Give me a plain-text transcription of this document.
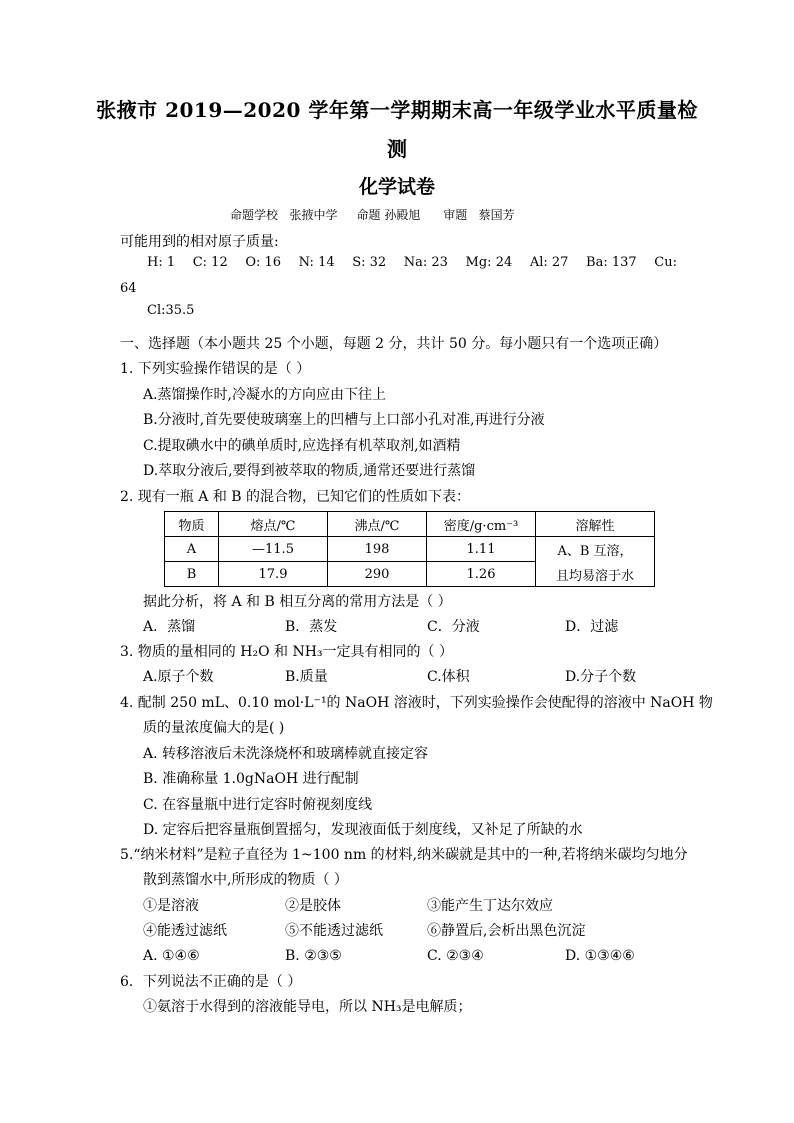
张掖市 2019—2020 学年第一学期期末高一年级学业水平质量检
测
化学试卷
命题学校   张掖中学     命题 孙殿旭      审题   蔡国芳
可能用到的相对原子质量:
H: 1 C: 12 O: 16 N: 14 S: 32 Na: 23 Mg: 24 Al: 27 Ba: 137 Cu:
64
Cl:35.5
一、选择题（本小题共 25 个小题，每题 2 分，共计 50 分。每小题只有一个选项正确）
1. 下列实验操作错误的是（ ）
A.蒸馏操作时,冷凝水的方向应由下往上
B.分液时,首先要使玻璃塞上的凹槽与上口部小孔对准,再进行分液
C.提取碘水中的碘单质时,应选择有机萃取剂,如酒精
D.萃取分液后,要得到被萃取的物质,通常还要进行蒸馏
2. 现有一瓶 A 和 B 的混合物，已知它们的性质如下表：
物质	熔点/℃	沸点/℃	密度/g·cm⁻³	溶解性
A	—11.5	198	1.11	A、B 互溶，
且均易溶于水

B	17.9	290	1.26	
据此分析，将 A 和 B 相互分离的常用方法是（ ）
A．蒸馏	B．蒸发	C．分液	D．过滤
3. 物质的量相同的 H₂O 和 NH₃一定具有相同的（ ）
A.原子个数	B.质量	C.体积	D.分子个数
4. 配制 250 mL、0.10 mol·L⁻¹的 NaOH 溶液时，下列实验操作会使配得的溶液中 NaOH 物
质的量浓度偏大的是( )
A. 转移溶液后未洗涤烧杯和玻璃棒就直接定容
B. 准确称量 1.0gNaOH 进行配制
C. 在容量瓶中进行定容时俯视刻度线
D. 定容后把容量瓶倒置摇匀，发现液面低于刻度线，又补足了所缺的水
5.“纳米材料”是粒子直径为 1~100 nm 的材料,纳米碳就是其中的一种,若将纳米碳均匀地分
散到蒸馏水中,所形成的物质（ ）
①是溶液	②是胶体	③能产生丁达尔效应
④能透过滤纸	⑤不能透过滤纸	⑥静置后,会析出黑色沉淀
A. ①④⑥	B. ②③⑤	C. ②③④	D. ①③④⑥
6．下列说法不正确的是（ ）
①氨溶于水得到的溶液能导电，所以 NH₃是电解质；
